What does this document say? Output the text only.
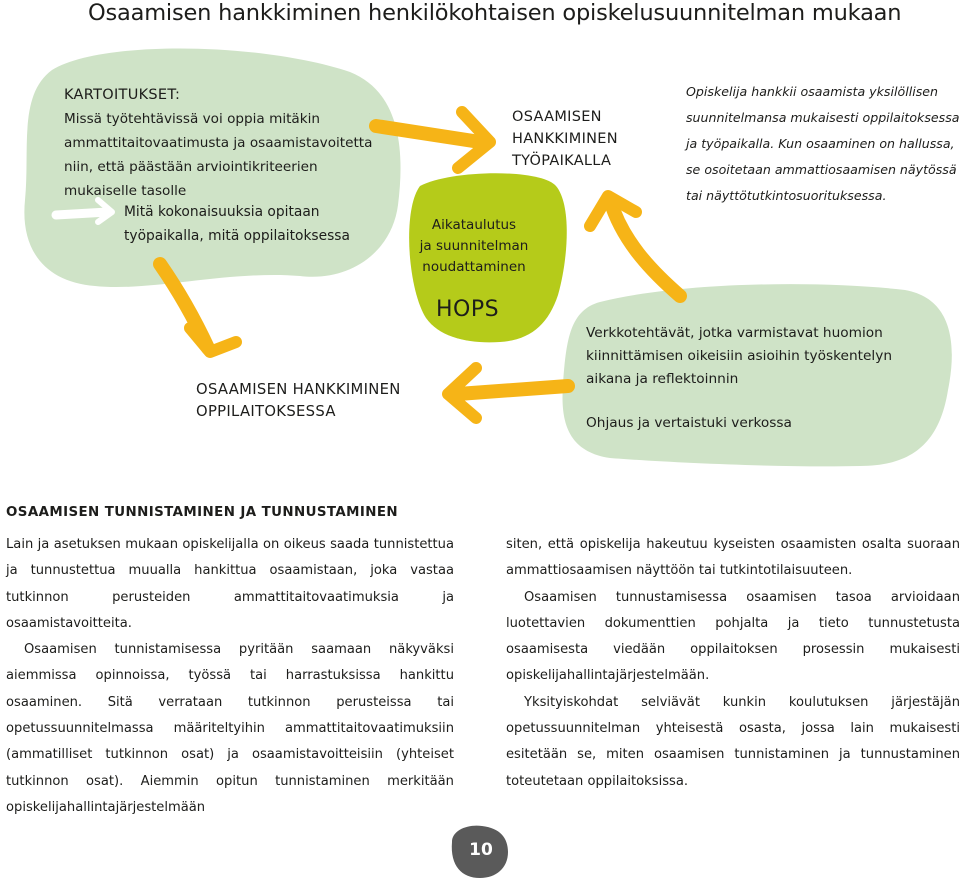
Osaamisen hankkiminen henkilökohtaisen opiskelusuunnitelman mukaan
KARTOITUKSET:
Missä työtehtävissä voi oppia mitäkin
ammattitaitovaatimusta ja osaamistavoitetta
niin, että päästään arviointikriteerien
mukaiselle tasolle
Mitä kokonaisuuksia opitaan
työpaikalla, mitä oppilaitoksessa
OSAAMISEN
HANKKIMINEN
TYÖPAIKALLA
Opiskelija hankkii osaamista yksilöllisen
suunnitelmansa mukaisesti oppilaitoksessa
ja työpaikalla. Kun osaaminen on hallussa,
se osoitetaan ammattiosaamisen näytössä
tai näyttötutkintosuorituksessa.
Aikataulutus
ja suunnitelman
noudattaminen
HOPS
OSAAMISEN HANKKIMINEN
OPPILAITOKSESSA
Verkkotehtävät, jotka varmistavat huomion
kiinnittämisen oikeisiin asioihin työskentelyn
aikana ja reflektoinnin
Ohjaus ja vertaistuki verkossa
OSAAMISEN TUNNISTAMINEN JA TUNNUSTAMINEN

Lain ja asetuksen mukaan opiskelijalla on oikeus saada tunnistettua ja tunnustettua muualla hankittua osaamistaan, joka vastaa tutkinnon perusteiden ammattitaitovaatimuksia ja osaamistavoitteita.

Osaamisen tunnistamisessa pyritään saamaan näkyväksi aiemmissa opinnoissa, työssä tai harrastuksissa hankittu osaaminen. Sitä verrataan tutkinnon perusteissa tai opetussuunnitelmassa määriteltyihin ammattitaitovaatimuksiin (ammatilliset tutkinnon osat) ja osaamistavoitteisiin (yhteiset tutkinnon osat). Aiemmin opitun tunnistaminen merkitään opiskelijahallintajärjestelmään

siten, että opiskelija hakeutuu kyseisten osaamisten osalta suoraan ammattiosaamisen näyttöön tai tutkintotilaisuuteen.

Osaamisen tunnustamisessa osaamisen tasoa arvioidaan luotettavien dokumenttien pohjalta ja tieto tunnustetusta osaamisesta viedään oppilaitoksen prosessin mukaisesti opiskelijahallintajärjestelmään.

Yksityiskohdat selviävät kunkin koulutuksen järjestäjän opetussuunnitelman yhteisestä osasta, jossa lain mukaisesti esitetään se, miten osaamisen tunnistaminen ja tunnustaminen toteutetaan oppilaitoksissa.

10
